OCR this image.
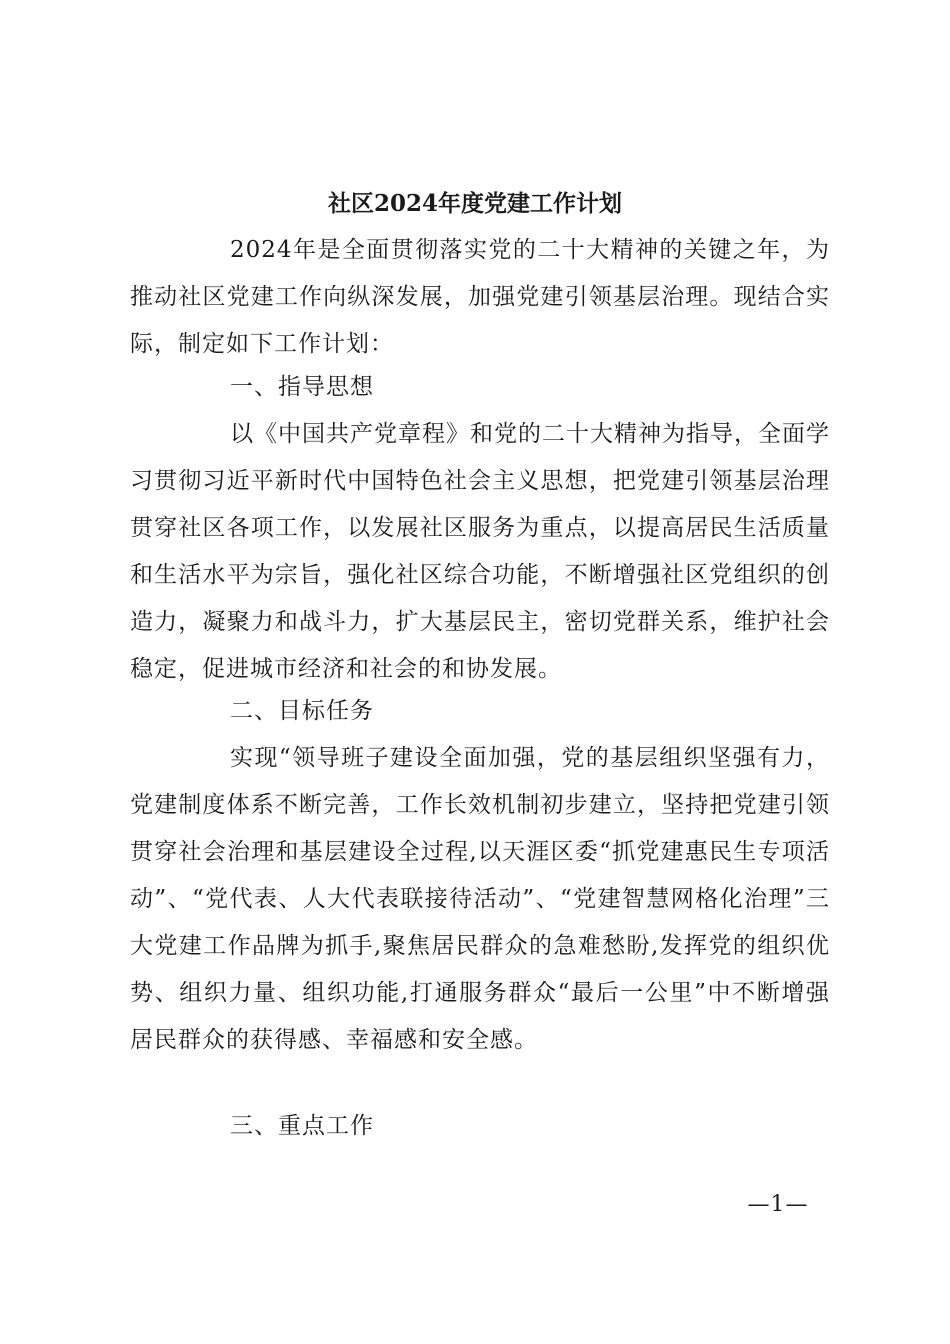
社区2024年度党建工作计划
2024年是全面贯彻落实党的二十大精神的关键之年，为推动社区党建工作向纵深发展，加强党建引领基层治理。现结合实际，制定如下工作计划：
一、指导思想
以《中国共产党章程》和党的二十大精神为指导，全面学习贯彻习近平新时代中国特色社会主义思想，把党建引领基层治理贯穿社区各项工作，以发展社区服务为重点，以提高居民生活质量和生活水平为宗旨，强化社区综合功能，不断增强社区党组织的创造力，凝聚力和战斗力，扩大基层民主，密切党群关系，维护社会稳定，促进城市经济和社会的和协发展。
二、目标任务
实现“领导班子建设全面加强，党的基层组织坚强有力，党建制度体系不断完善，工作长效机制初步建立，坚持把党建引领贯穿社会治理和基层建设全过程,以天涯区委“抓党建惠民生专项活动”、“党代表、人大代表联接待活动”、“党建智慧网格化治理”三大党建工作品牌为抓手,聚焦居民群众的急难愁盼,发挥党的组织优势、组织力量、组织功能,打通服务群众“最后一公里”中不断增强居民群众的获得感、幸福感和安全感。
三、重点工作
—1—
